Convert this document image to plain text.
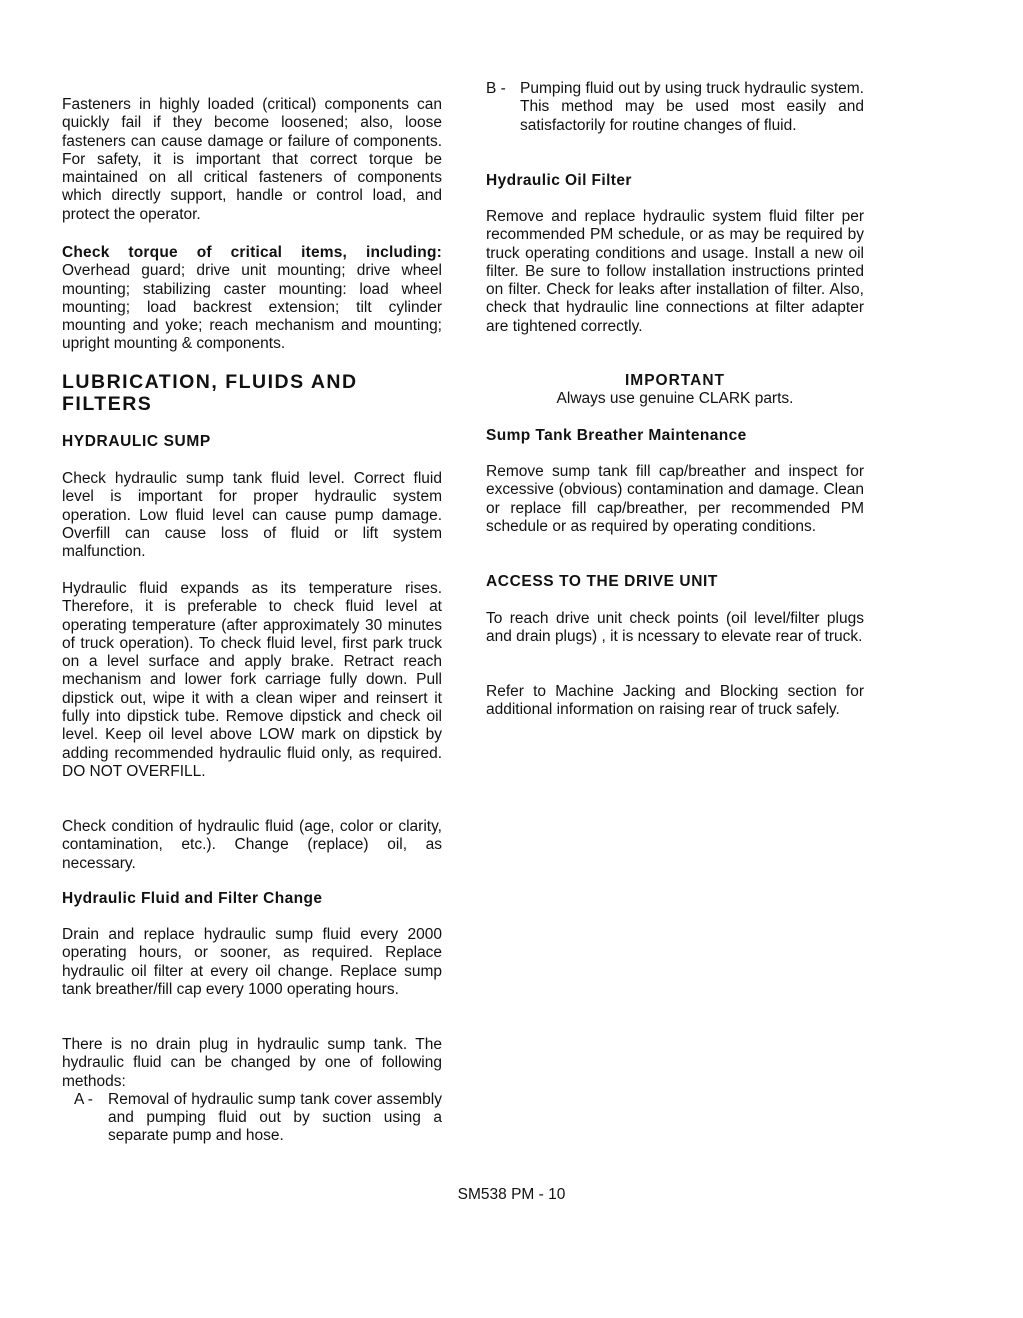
Fasteners in highly loaded (critical) components can quickly fail if they become loosened; also, loose fasteners can cause damage or failure of components. For safety, it is important that correct torque be maintained on all critical fasteners of components which directly support, handle or control load, and protect the operator.

Check torque of critical items, including: Overhead guard; drive unit mounting; drive wheel mounting; stabilizing caster mounting: load wheel mounting; load backrest extension; tilt cylinder mounting and yoke; reach mechanism and mounting; upright mounting & components.

LUBRICATION, FLUIDS AND
FILTERS
HYDRAULIC SUMP

Check hydraulic sump tank fluid level. Correct fluid level is important for proper hydraulic system operation. Low fluid level can cause pump damage. Overfill can cause loss of fluid or lift system malfunction.

Hydraulic fluid expands as its temperature rises. Therefore, it is preferable to check fluid level at operating temperature (after approximately 30 minutes of truck operation). To check fluid level, first park truck on a level surface and apply brake. Retract reach mechanism and lower fork carriage fully down. Pull dipstick out, wipe it with a clean wiper and reinsert it fully into dipstick tube. Remove dipstick and check oil level. Keep oil level above LOW mark on dipstick by adding recommended hydraulic fluid only, as required. DO NOT OVERFILL.

Check condition of hydraulic fluid (age, color or clarity, contamination, etc.). Change (replace) oil, as necessary.

Hydraulic Fluid and Filter Change

Drain and replace hydraulic sump fluid every 2000 operating hours, or sooner, as required. Replace hydraulic oil filter at every oil change. Replace sump tank breather/fill cap every 1000 operating hours.

There is no drain plug in hydraulic sump tank. The hydraulic fluid can be changed by one of following methods:

A - Removal of hydraulic sump tank cover assembly and pumping fluid out by suction using a separate pump and hose.

B - Pumping fluid out by using truck hydraulic system. This method may be used most easily and satisfactorily for routine changes of fluid.

Hydraulic Oil Filter

Remove and replace hydraulic system fluid filter per recommended PM schedule, or as may be required by truck operating conditions and usage. Install a new oil filter. Be sure to follow installation instructions printed on filter. Check for leaks after installation of filter. Also, check that hydraulic line connections at filter adapter are tightened correctly.

IMPORTANT

Always use genuine CLARK parts.

Sump Tank Breather Maintenance

Remove sump tank fill cap/breather and inspect for excessive (obvious) contamination and damage. Clean or replace fill cap/breather, per recommended PM schedule or as required by operating conditions.

ACCESS TO THE DRIVE UNIT

To reach drive unit check points (oil level/filter plugs and drain plugs) , it is ncessary to elevate rear of truck.

Refer to Machine Jacking and Blocking section for additional information on raising rear of truck safely.

SM538 PM - 10
